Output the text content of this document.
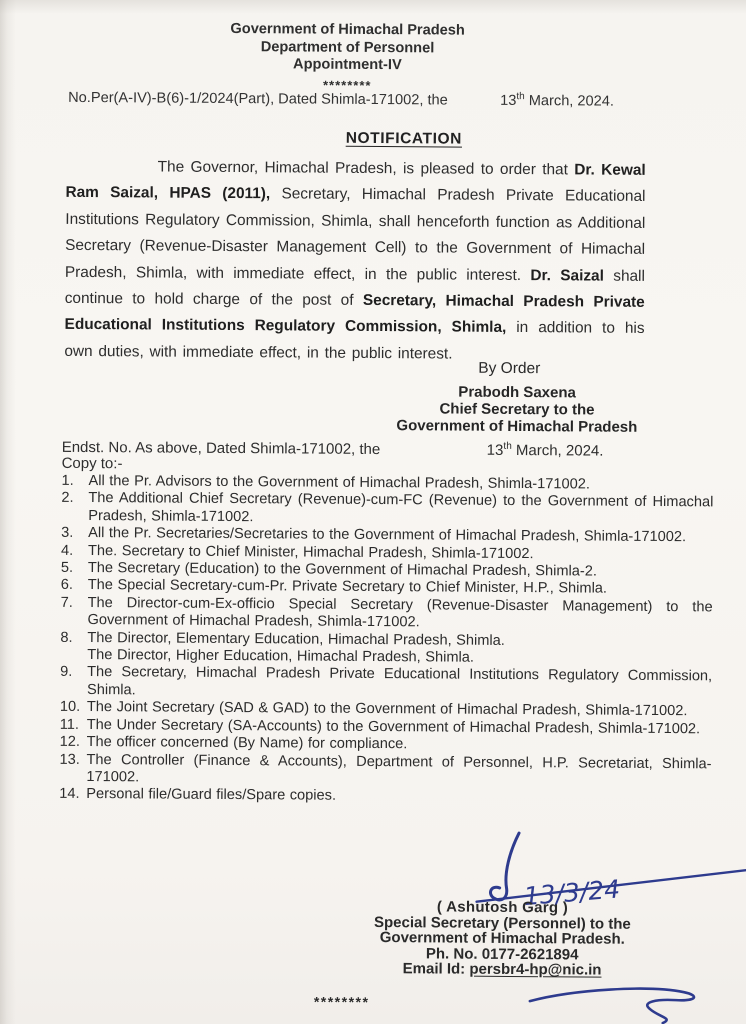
Government of Himachal Pradesh
Department of Personnel
Appointment-IV
********
No.Per(A-IV)-B(6)-1/2024(Part), Dated Shimla-171002, the	13th March, 2024.
NOTIFICATION
The Governor, Himachal Pradesh, is pleased to order that Dr. Kewal Ram Saizal, HPAS (2011), Secretary, Himachal Pradesh Private Educational Institutions Regulatory Commission, Shimla, shall henceforth function as Additional Secretary (Revenue-Disaster Management Cell) to the Government of Himachal Pradesh, Shimla, with immediate effect, in the public interest. Dr. Saizal shall continue to hold charge of the post of Secretary, Himachal Pradesh Private Educational Institutions Regulatory Commission, Shimla, in addition to his own duties, with immediate effect, in the public interest.
By Order
Prabodh Saxena
Chief Secretary to the
Government of Himachal Pradesh
Endst. No. As above, Dated Shimla-171002, the	13th March, 2024.
Copy to:-
1.	All the Pr. Advisors to the Government of Himachal Pradesh, Shimla-171002.
2.	The Additional Chief Secretary (Revenue)-cum-FC (Revenue) to the Government of Himachal Pradesh, Shimla-171002.
3.	All the Pr. Secretaries/Secretaries to the Government of Himachal Pradesh, Shimla-171002.
4.	The. Secretary to Chief Minister, Himachal Pradesh, Shimla-171002.
5.	The Secretary (Education) to the Government of Himachal Pradesh, Shimla-2.
6.	The Special Secretary-cum-Pr. Private Secretary to Chief Minister, H.P., Shimla.
7.	The Director-cum-Ex-officio Special Secretary (Revenue-Disaster Management) to the Government of Himachal Pradesh, Shimla-171002.
8.	The Director, Elementary Education, Himachal Pradesh, Shimla.
The Director, Higher Education, Himachal Pradesh, Shimla.
9.	The Secretary, Himachal Pradesh Private Educational Institutions Regulatory Commission, Shimla.
10. The Joint Secretary (SAD & GAD) to the Government of Himachal Pradesh, Shimla-171002.
11. The Under Secretary (SA-Accounts) to the Government of Himachal Pradesh, Shimla-171002.
12. The officer concerned (By Name) for compliance.
13. The Controller (Finance & Accounts), Department of Personnel, H.P. Secretariat, Shimla-171002.
14. Personal file/Guard files/Spare copies.
13/3/24
( Ashutosh Garg )
Special Secretary (Personnel) to the
Government of Himachal Pradesh.
Ph. No. 0177-2621894
Email Id: persbr4-hp@nic.in
********
